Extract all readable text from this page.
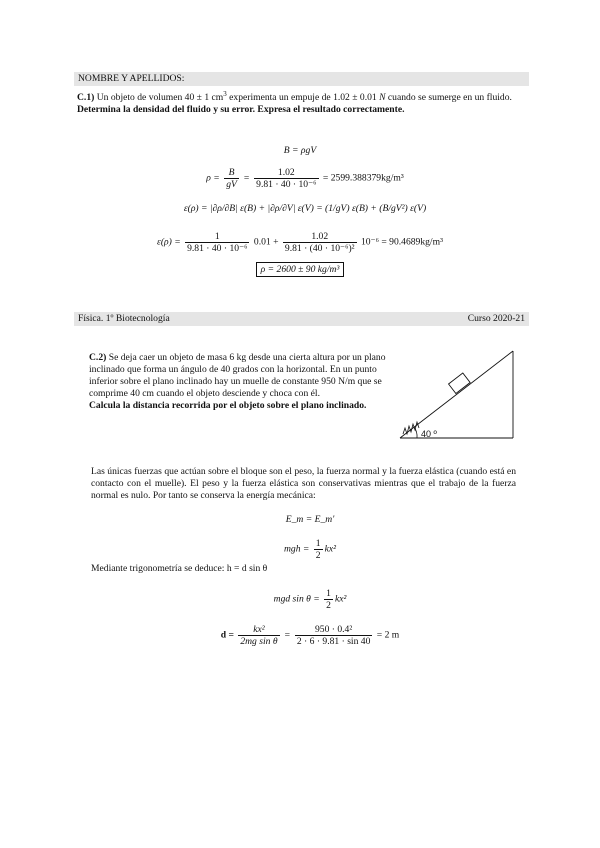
NOMBRE Y APELLIDOS:
C.1) Un objeto de volumen 40 ± 1 $cm^3$ experimenta un empuje de 1.02 ± 0.01 N cuando se sumerge en un fluido.
Determina la densidad del fluido y su error. Expresa el resultado correctamente.
B = ρgV
$\rho = \frac{B}{gV} = \frac{1.02}{\text{9.81 · 40 · 10⁻⁶}} = 2599.388379kg/m^3$
ε(ρ) = |∂ρ/∂B| ε(B) + |∂ρ/∂V| ε(V) = (1/gV) ε(B) + (B/gV²) ε(V)
$\varepsilon(\rho) = \frac{1}{\text{9.81 · 40 · 10⁻⁶}} 0.01 + \frac{1.02}{\text{9.81 · (40 · 10⁻⁶)²}} 10^{-6} = 90.4689kg/m^3$
ρ = 2600 ± 90 kg/m³
Física. 1º Biotecnología	Curso 2020-21
C.2) Se deja caer un objeto de masa 6 kg desde una cierta altura por un plano inclinado que forma un ángulo de 40 grados con la horizontal. En un punto inferior sobre el plano inclinado hay un muelle de constante 950 N/m que se comprime 40 cm cuando el objeto desciende y choca con él.
Calcula la distancia recorrida por el objeto sobre el plano inclinado.
40 º
Las únicas fuerzas que actúan sobre el bloque son el peso, la fuerza normal y la fuerza elástica (cuando está en contacto con el muelle). El peso y la fuerza elástica son conservativas mientras que el trabajo de la fuerza normal es nulo. Por tanto se conserva la energía mecánica:
E_m = E_m'
mgh = $\frac{1}{2} kx^2$
Mediante trigonometría se deduce: h = d sin θ
mgd $\sin \theta = \frac{1}{2} kx^2$
$d = \frac{\text{kx²}}{\text{2mg sin θ}} = \frac{\text{950 · 0.4²}}{2 \cdot 6 \cdot 9.81 \cdot \sin 40} = 2$ m
